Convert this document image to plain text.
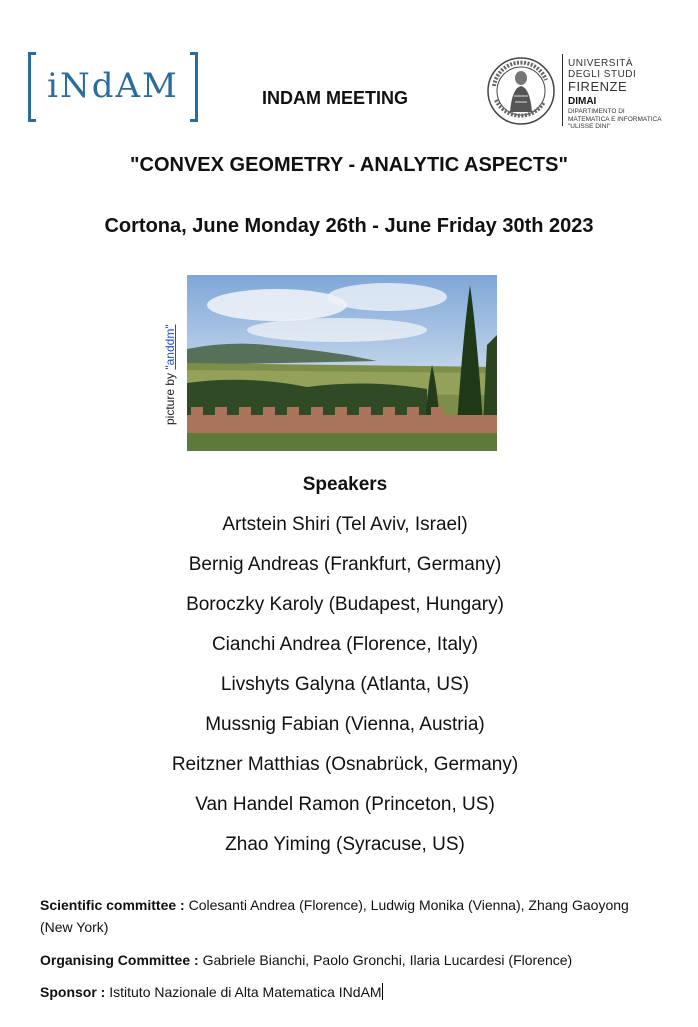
iNdAM	INDAM MEETING
UNIVERSITÀ
DEGLI STUDI
FIRENZE
DIMAI
DIPARTIMENTO DI
MATEMATICA E INFORMATICA
"ULISSE DINI"
"CONVEX GEOMETRY - ANALYTIC ASPECTS"
Cortona, June Monday 26th - June Friday 30th 2023
picture by "anddm"
Speakers
Artstein Shiri (Tel Aviv, Israel)
Bernig Andreas (Frankfurt, Germany)
Boroczky Karoly (Budapest, Hungary)
Cianchi Andrea (Florence, Italy)
Livshyts Galyna (Atlanta, US)
Mussnig Fabian (Vienna, Austria)
Reitzner Matthias (Osnabrück, Germany)
Van Handel Ramon (Princeton, US)
Zhao Yiming (Syracuse, US)
Scientific committee : Colesanti Andrea (Florence), Ludwig Monika (Vienna), Zhang Gaoyong (New York)
Organising Committee : Gabriele Bianchi, Paolo Gronchi, Ilaria Lucardesi (Florence)
Sponsor : Istituto Nazionale di Alta Matematica INdAM
